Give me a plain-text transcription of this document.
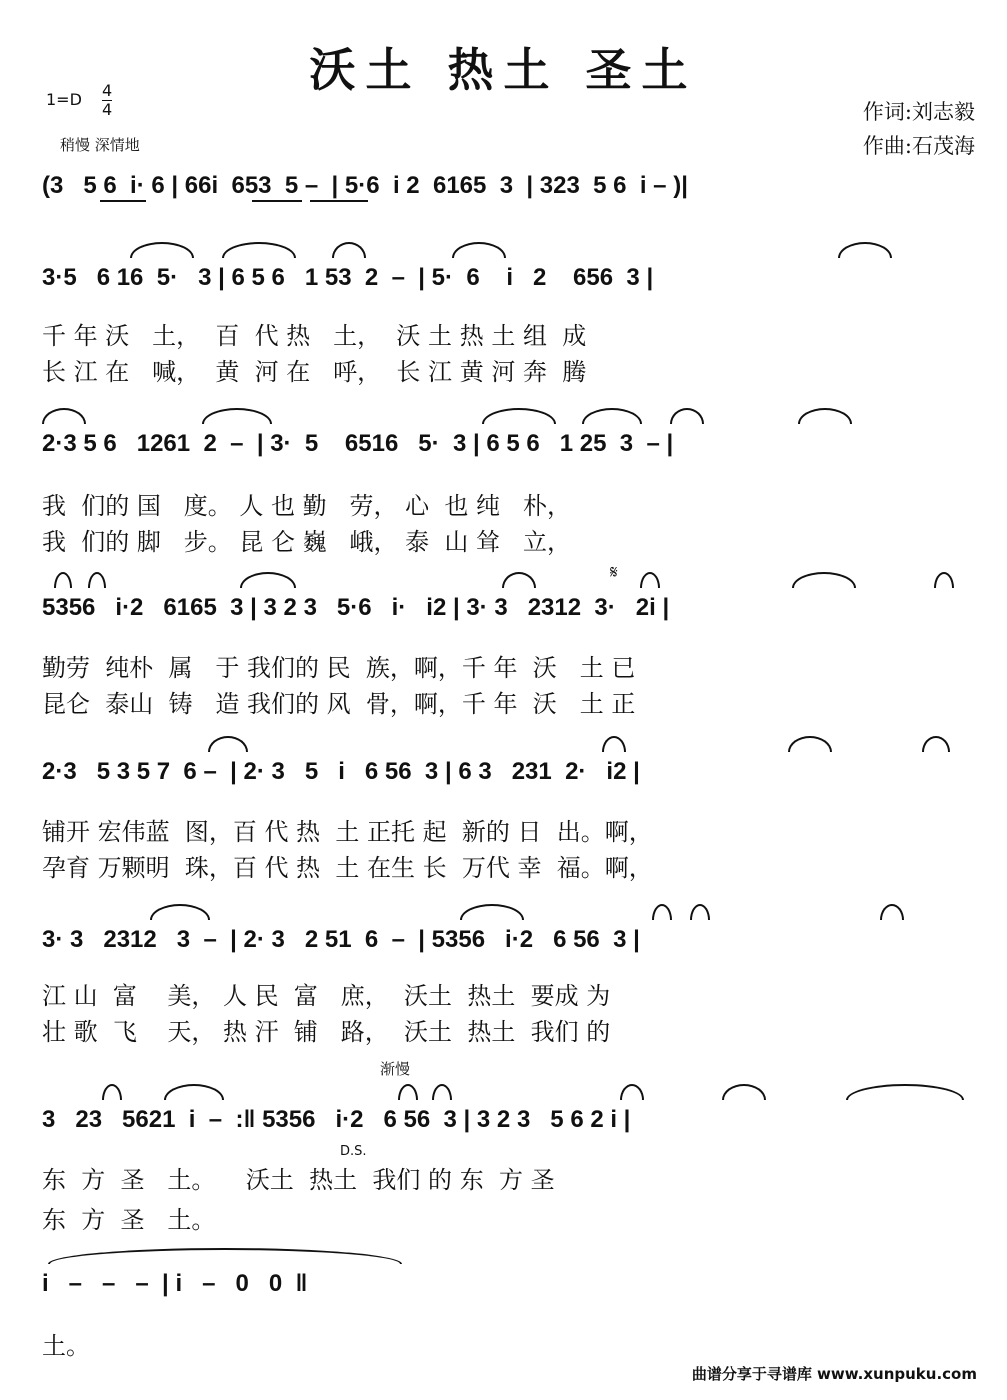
沃土 热土 圣土
1=D 4
4
稍慢 深情地
作词:刘志毅
作曲:石茂海
(3   5 6  i· 6 | 66i  653  5 –  | 5·6  i 2  6165  3  | 323  5 6  i – )|
3·5   6 16  5·   3 | 6 5 6   1 53  2  –  | 5·  6    i   2    656  3 |
千 年 沃   土，  百  代 热   土，  沃 土 热 土 组  成
长 江 在   喊，  黄  河 在   呼，  长 江 黄 河 奔  腾
2·3 5 6   1261  2  –  | 3·  5    6516   5·  3 | 6 5 6   1 25  3  – |
我  们的 国   度。 人 也 勤   劳， 心  也 纯   朴，
我  们的 脚   步。 昆 仑 巍   峨， 泰  山 耸   立，
𝄋
5356   i·2   6165  3 | 3 2 3   5·6   i·   i2 | 3· 3   2312  3·   2i |
勤劳  纯朴  属   于 我们的 民  族，啊，千 年  沃   土 已
昆仑  泰山  铸   造 我们的 风  骨，啊，千 年  沃   土 正
2·3   5 3 5 7  6 –  | 2· 3   5   i   6 56  3 | 6 3   231  2·   i2 |
铺开 宏伟蓝  图，百 代 热  土 正托 起  新的 日  出。啊，
孕育 万颗明  珠，百 代 热  土 在生 长  万代 幸  福。啊，
3· 3   2312   3  –  | 2· 3   2 51  6  –  | 5356   i·2   6 56  3 |
江 山  富    美， 人 民  富   庶，  沃土  热土  要成 为
壮 歌  飞    天， 热 汗  铺   路，  沃土  热土  我们 的
渐慢
3   23   5621  i  –  :‖ 5356   i·2   6 56  3 | 3 2 3   5 6 2 i |
D.S.
东  方  圣   土。    沃土  热土  我们 的 东  方 圣
东  方  圣   土。
i   –   –   –  | i   –   0   0  ‖
土。
曲谱分享于寻谱库 www.xunpuku.com
